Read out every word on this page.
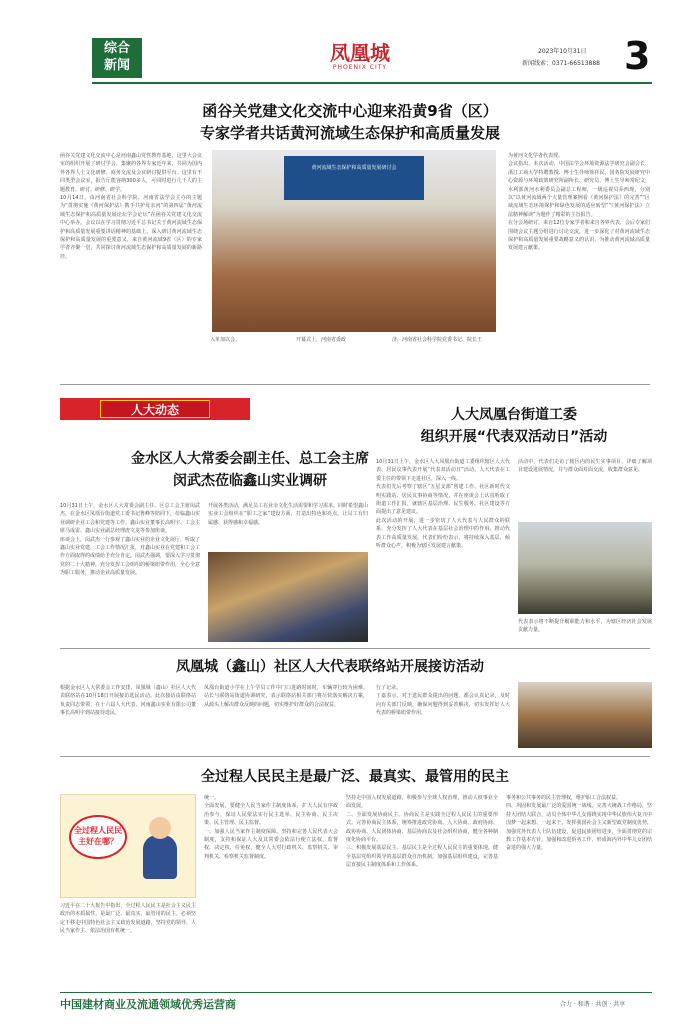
综合
新闻
凤凰城
PHOENIX CITY
2023年10月31日
新闻线索：0371-66513888 3
函谷关党建文化交流中心迎来沿黄9省（区）
专家学者共话黄河流域生态保护和高质量发展
函谷关党建文化交流中心是河南鑫山党性教育基地，这里大会议室的组织开展了研讨学会。集聚的各界专家近年来，共同为国内外各界人士文化研修、商务交流及会议研讨提供平台。这里有不同类型会议室，报告厅能容纳300多人，可同时进行几千人的主题教育、研讨、研修、研学。
10月14日，由河南省社会科学院、河南省法学会主办的主题为“贯彻实施《黄河保护法》携手共护母亲河”的第四届“黄河流域生态保护和高质量发展论坛学会论坛”在函谷关党建文化交流中心举办。会议以在学习贯彻习近平总书记关于黄河流域生态保护和高质量发展重要讲话精神的基础上，深入研讨黄河流域生态保护和高质量发展的重要意义，来自黄河流域9省（区）的专家学者齐聚一堂，共同探讨黄河流域生态保护和高质量发展的新路径。
黄河流域生态保护和高质量发展研讨会
入单加以会。	开幕式上，河南省委政	济，河南省社会科学院党委书记、院长王
为黄河文化学者代表授。
会议指出，本次活动，中国法学会环境资源法学研究会副会长、浙江工商大学特聘教授、博士生导师徐祥民，国务院发展研究中心资源与环境政策研究所副所长、研究员、博士生导师常纪文，水利部黄河水利委员会副总工程师，一级巡视员乔西现，分别以“以黄河流域两个大量管理案例看《黄河保护法》的完善”“区域流域生态环境保护和绿色发展的适应转型”“《黄河保护法》立法精神解读”为题作了精彩的主旨报告。
在分会场研讨，来自12位专家学者和来自各界代表，会后专家们围绕会议主题分组进行讨论交流，进一步深化了对黄河流域生态保护和高质量发展重要战略意义的认识，为推动黄河流域高质量发展建言献策。
人大动态
金水区人大常委会副主任、总工会主席
闵武杰莅临鑫山实业调研
10月31日上午，金水区人大常委会副主任、区总工会主席闵武杰，在金水区凤凰台街道党工委书记鲁峰等陪同下，莅临鑫山实业调研企业工会和党建等工作。鑫山实业董事长高明宇、工会主席马成雷、鑫山实业副总经理唐文龙等参加座谈。
座谈会上，闵武杰一行参观了鑫山实业的企业文化展厅，听取了鑫山实业党建、工会工作情况汇报，对鑫山实业在党建和工会工作方面取得的成绩给予充分肯定。闵武杰强调，要深入学习贯彻党的二十大精神，充分发挥工会组织的桥梁纽带作用，全心全意为职工服务，推动企业高质量发展。
开展各类活动，满足员工在业余文化生活需要和学习需求。同时希望鑫山实业工会组织在“职工之家”建设方面，打造出特色和亮点，让员工有归属感、获得感和幸福感。
人大凤凰台街道工委
组织开展“代表双活动日”活动
10月31日上午，金水区人大凤凰台街道工委组织辖区人大代表、居民议事代表开展“代表双活动日”活动。人大代表在工委主任的带领下走进社区，深入一线。
代表们先后考察了辖区“五星支部”创建工作、社区新时代文明实践站、居民议事协商等情况，并在座谈会上认真听取了街道工作汇报，就辖区基层治理、民生服务、社区建设等方面提出了意见建议。
此次活动的开展，进一步密切了人大代表与人民群众的联系，充分发挥了人大代表在基层社会治理中的作用，推动代表工作高质量发展。代表们纷纷表示，将持续深入基层，倾听群众心声，积极为辖区发展建言献策。
活动中，代表们走访了辖区内的民生实事项目，详细了解项目建设进展情况，并与群众面对面交流，收集群众意见。
代表表示将不断提升履职能力和水平，为辖区经济社会发展贡献力量。
凤凰城（鑫山）社区人大代表联络站开展接访活动
根据金水区人大常委会工作安排，凤凰城（鑫山）社区人大代表联络站在10月18日开展接访选民活动。此次接访由联络站负责同志带领，在十六届人大代表、河南鑫山实业有限公司董事长高明宇到站接待选民。
凤凰台街道小学在上午学员工作中门口进路时间时，车辆穿行较为困难。站长与联络站街道协调研究，表示联络站相关部门将尽快落实解决方案，从源头上解决群众反映的问题，切实维护好群众的合法权益。
行了记录。
丁嘉表示，对于选民群众提出的问题，都会认真记录，及时向有关部门反映，确保问题得到妥善解决，切实发挥好人大代表的桥梁纽带作用。
全过程人民民主是最广泛、最真实、最管用的民主
全过程人民民主好在哪？
习近平在二十大报告中指出，全过程人民民主是社会主义民主政治的本质属性，是最广泛、最真实、最管用的民主。必须坚定不移走中国特色社会主义政治发展道路，坚持党的领导、人民当家作主、依法治国有机统一。
统一。
全面发展，要健全人民当家作主制度体系，扩大人民有序政治参与，保证人民依法实行民主选举、民主协商、民主决策、民主管理、民主监督。
一、加强人民当家作主制度保障。坚持和完善人民代表大会制度，支持和保证人大及其常委会依法行使立法权、监督权、决定权、任免权，健全人大对行政机关、监察机关、审判机关、检察机关监督制度。
坚持走中国人权发展道路，积极参与全球人权治理，推动人权事业全面发展。
二、全面发展协商民主。协商民主是实践全过程人民民主的重要形式。完善协商民主体系，统筹推进政党协商、人大协商、政府协商、政协协商、人民团体协商、基层协商以及社会组织协商，健全各种制度化协商平台。
三、积极发展基层民主。基层民主是全过程人民民主的重要体现。健全基层党组织领导的基层群众自治机制，加强基层组织建设，完善基层直接民主制度体系和工作体系。
事务和公共事务的民主管理权，维护职工合法权益。
四、巩固和发展最广泛的爱国统一战线。完善大统战工作格局，坚持大团结大联合，动员全体中华儿女围绕实现中华民族伟大复兴中国梦一起来想、一起来干。发挥我国社会主义新型政党制度优势，加强党外代表人士队伍建设，促进民族团结进步，全面贯彻党的宗教工作基本方针，加强和改进侨务工作，形成海内外中华儿女团结奋进的强大力量。
中国建材商业及流通领域优秀运营商	合力 · 和谐 · 共创 · 共享
